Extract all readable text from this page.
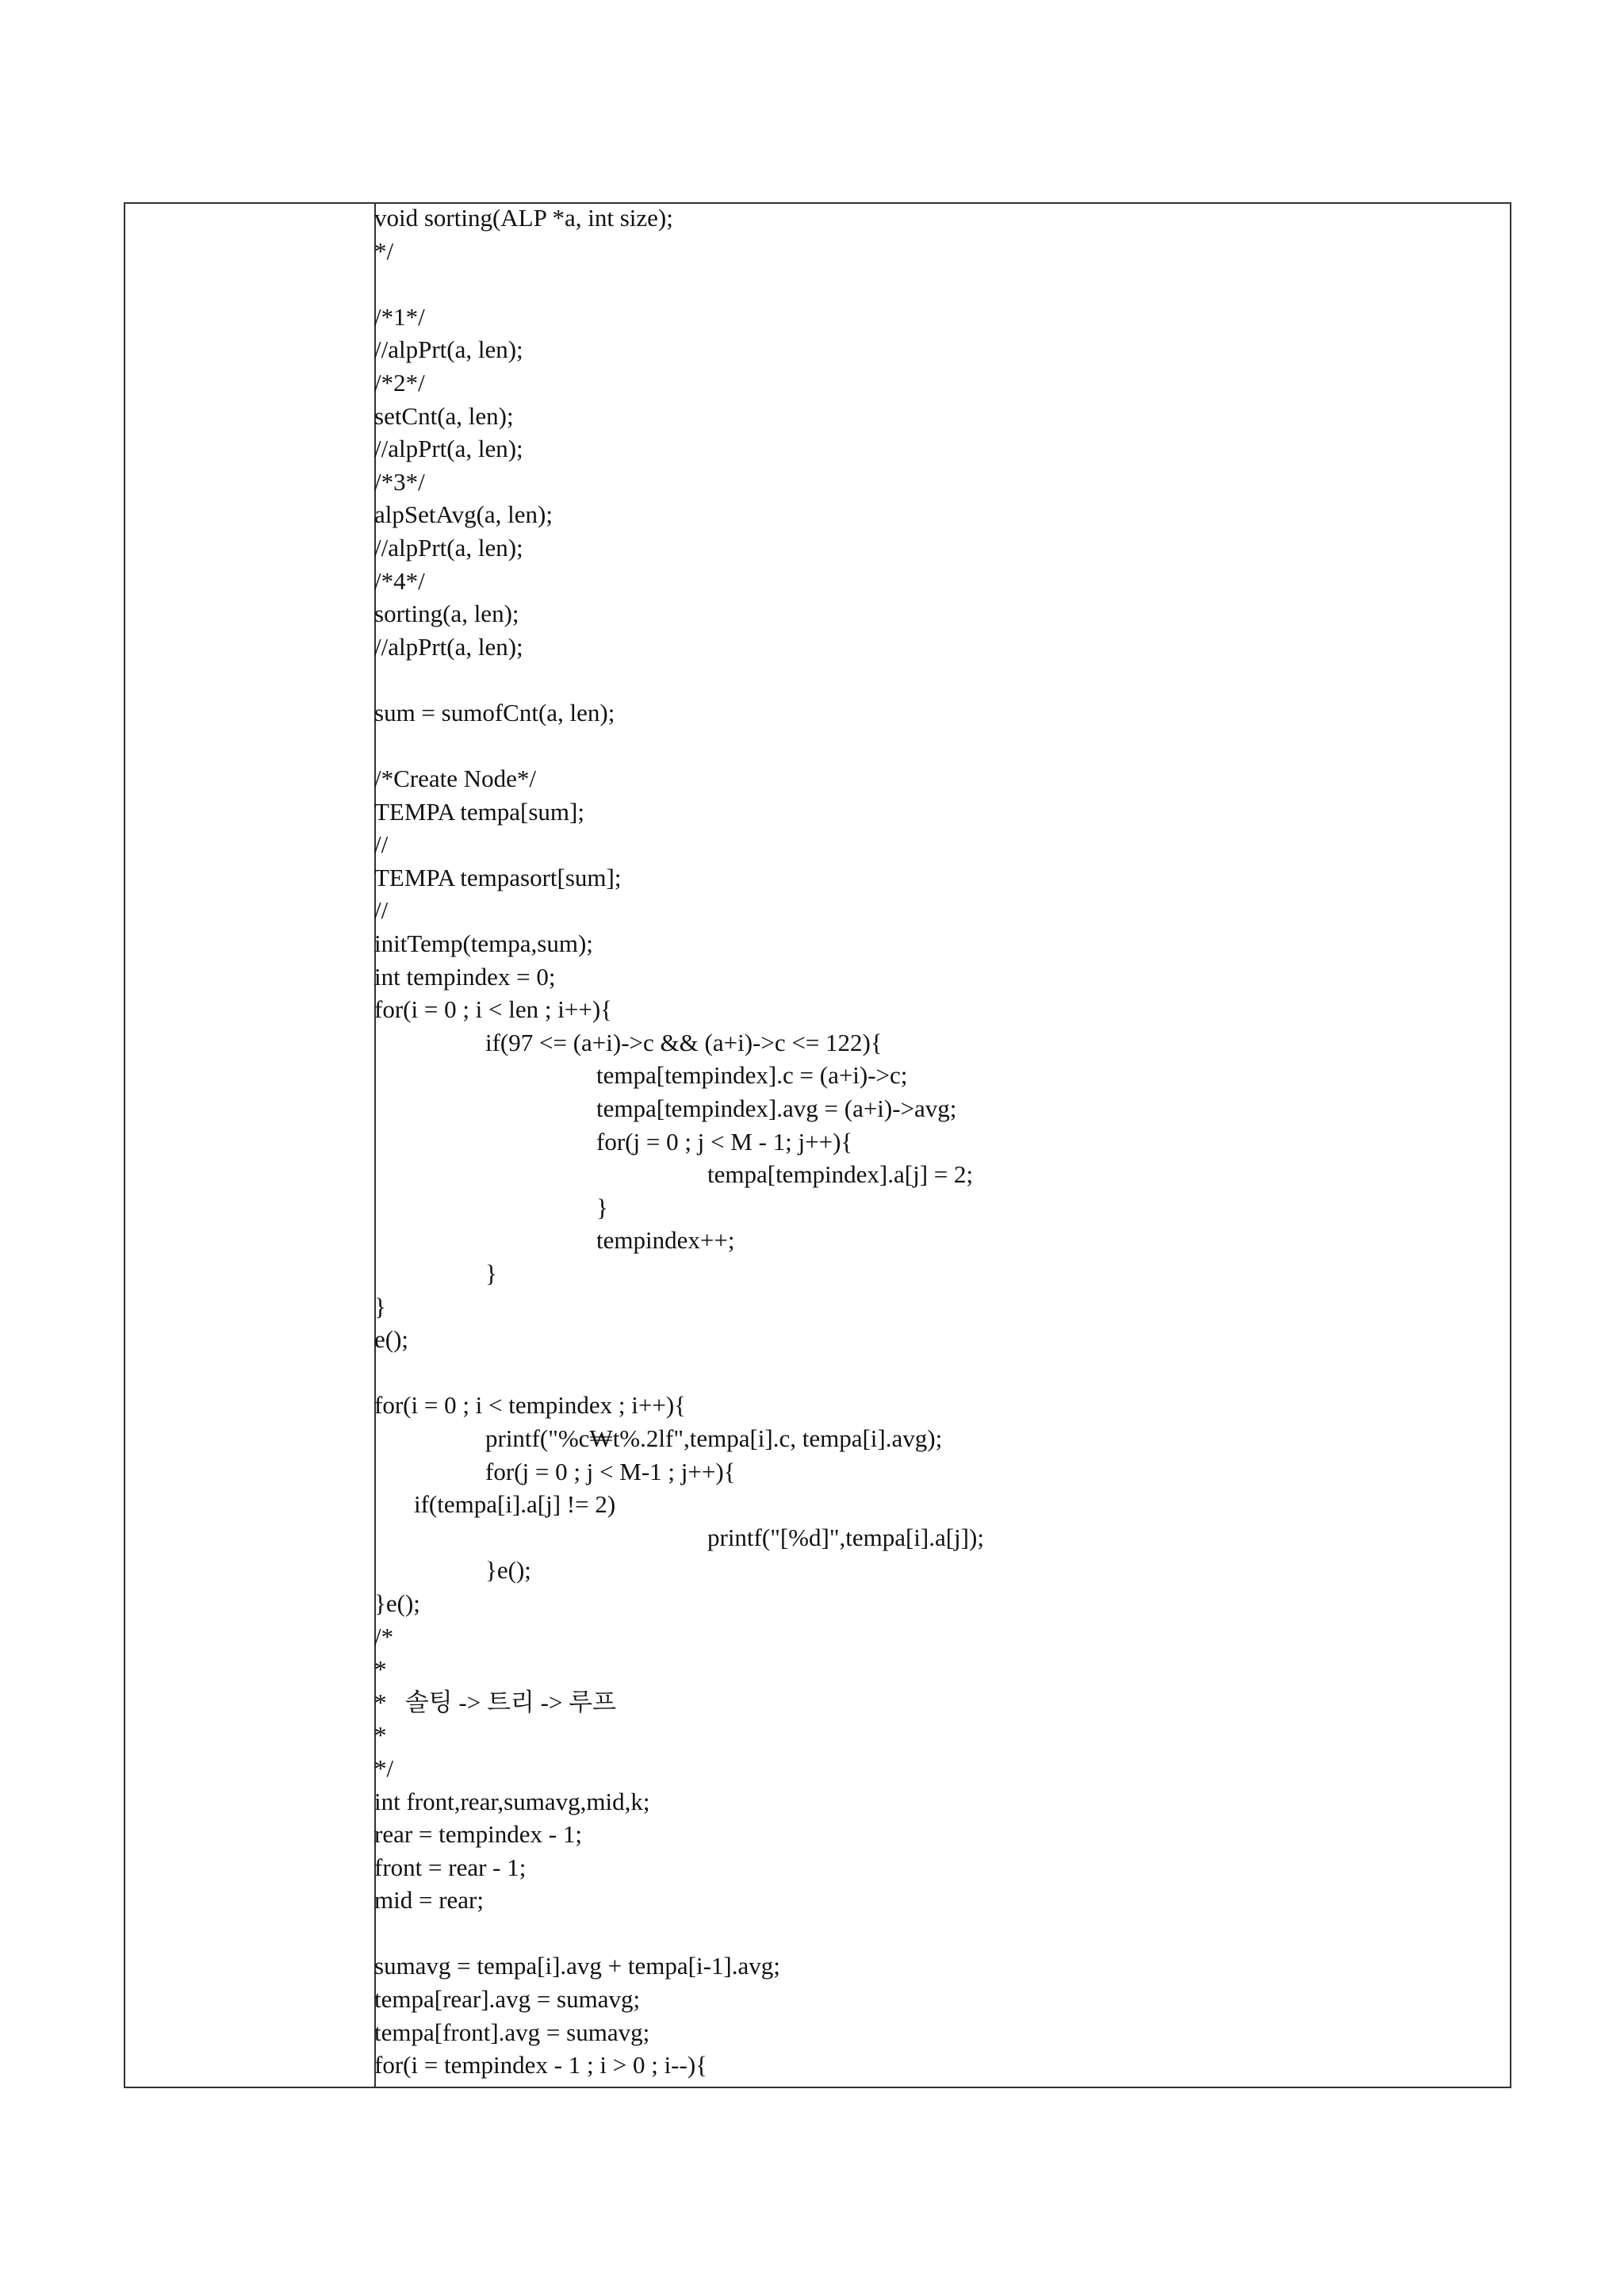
void sorting(ALP *a, int size);
*/
/*1*/
//alpPrt(a, len);
/*2*/
setCnt(a, len);
//alpPrt(a, len);
/*3*/
alpSetAvg(a, len);
//alpPrt(a, len);
/*4*/
sorting(a, len);
//alpPrt(a, len);
sum = sumofCnt(a, len);
/*Create Node*/
TEMPA tempa[sum];
//
TEMPA tempasort[sum];
//
initTemp(tempa,sum);
int tempindex = 0;
for(i = 0 ; i < len ; i++){
if(97 <= (a+i)->c && (a+i)->c <= 122){
tempa[tempindex].c = (a+i)->c;
tempa[tempindex].avg = (a+i)->avg;
for(j = 0 ; j < M - 1; j++){
tempa[tempindex].a[j] = 2;
}
tempindex++;
}
}
e();
for(i = 0 ; i < tempindex ; i++){
printf("%c₩t%.2lf",tempa[i].c, tempa[i].avg);
for(j = 0 ; j < M-1 ; j++){
if(tempa[i].a[j] != 2)
printf("[%d]",tempa[i].a[j]);
}e();
}e();
/*
*
*   솔팅 -> 트리 -> 루프
*
*/
int front,rear,sumavg,mid,k;
rear = tempindex - 1;
front = rear - 1;
mid = rear;
sumavg = tempa[i].avg + tempa[i-1].avg;
tempa[rear].avg = sumavg;
tempa[front].avg = sumavg;
for(i = tempindex - 1 ; i > 0 ; i--){
